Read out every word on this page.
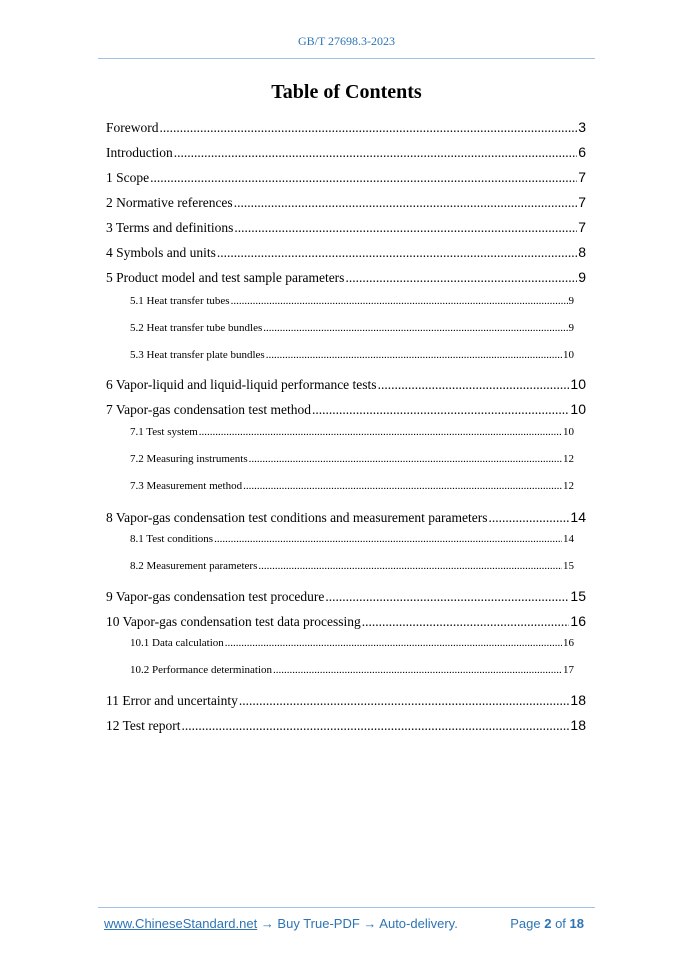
GB/T 27698.3-2023
Table of Contents
Foreword .....	3
Introduction .....	6
1 Scope .....	7
2 Normative references .....	7
3 Terms and definitions .....	7
4 Symbols and units .....	8
5 Product model and test sample parameters .....	9
5.1 Heat transfer tubes .....	9
5.2 Heat transfer tube bundles .....	9
5.3 Heat transfer plate bundles .....	10
6 Vapor-liquid and liquid-liquid performance tests .....	10
7 Vapor-gas condensation test method .....	10
7.1 Test system .....	10
7.2 Measuring instruments .....	12
7.3 Measurement method .....	12
8 Vapor-gas condensation test conditions and measurement parameters .....	14
8.1 Test conditions .....	14
8.2 Measurement parameters .....	15
9 Vapor-gas condensation test procedure .....	15
10 Vapor-gas condensation test data processing .....	16
10.1 Data calculation .....	16
10.2 Performance determination .....	17
11 Error and uncertainty .....	18
12 Test report .....	18
www.ChineseStandard.net → Buy True-PDF → Auto-delivery.	Page 2 of 18
